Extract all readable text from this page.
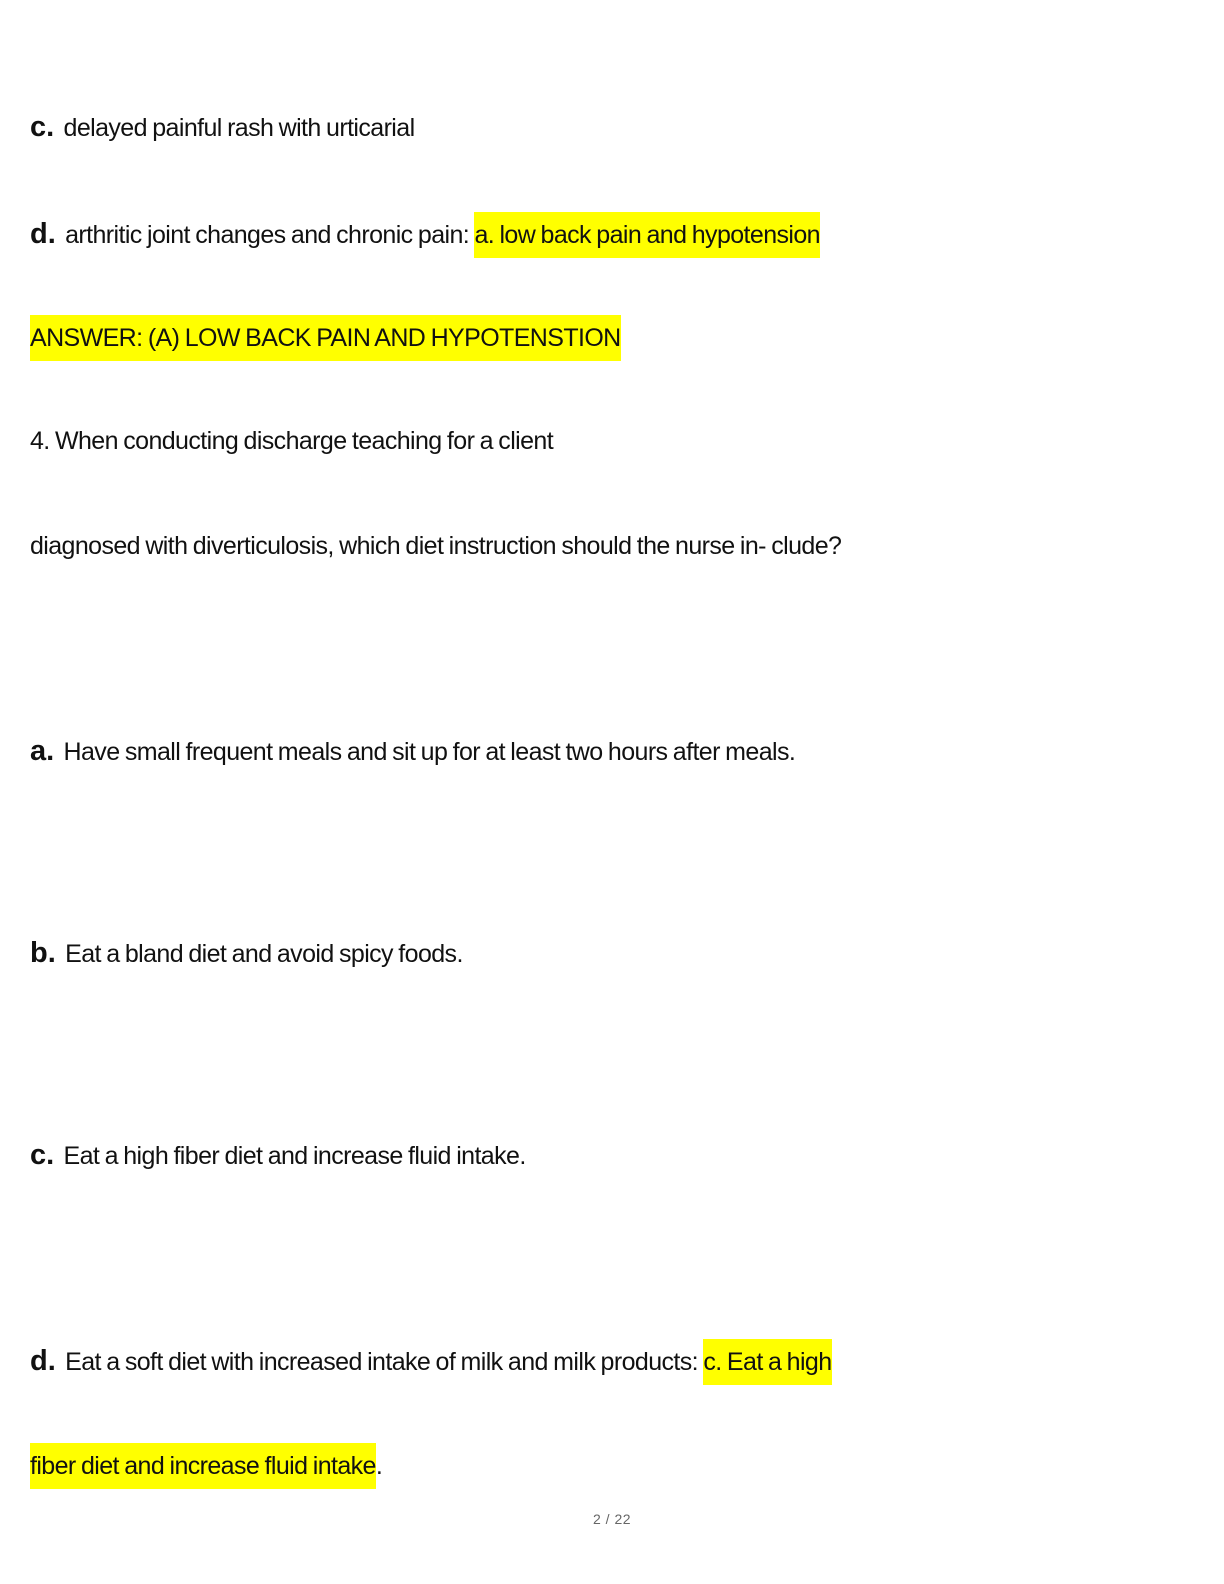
c. delayed painful rash with urticarial
d. arthritic joint changes and chronic pain: a. low back pain and hypotension
ANSWER: (A) LOW BACK PAIN AND HYPOTENSTION
4. When conducting discharge teaching for a client
diagnosed with diverticulosis, which diet instruction should the nurse in- clude?
a. Have small frequent meals and sit up for at least two hours after meals.
b. Eat a bland diet and avoid spicy foods.
c. Eat a high fiber diet and increase fluid intake.
d. Eat a soft diet with increased intake of milk and milk products: c. Eat a high
fiber diet and increase fluid intake.
2 / 22
